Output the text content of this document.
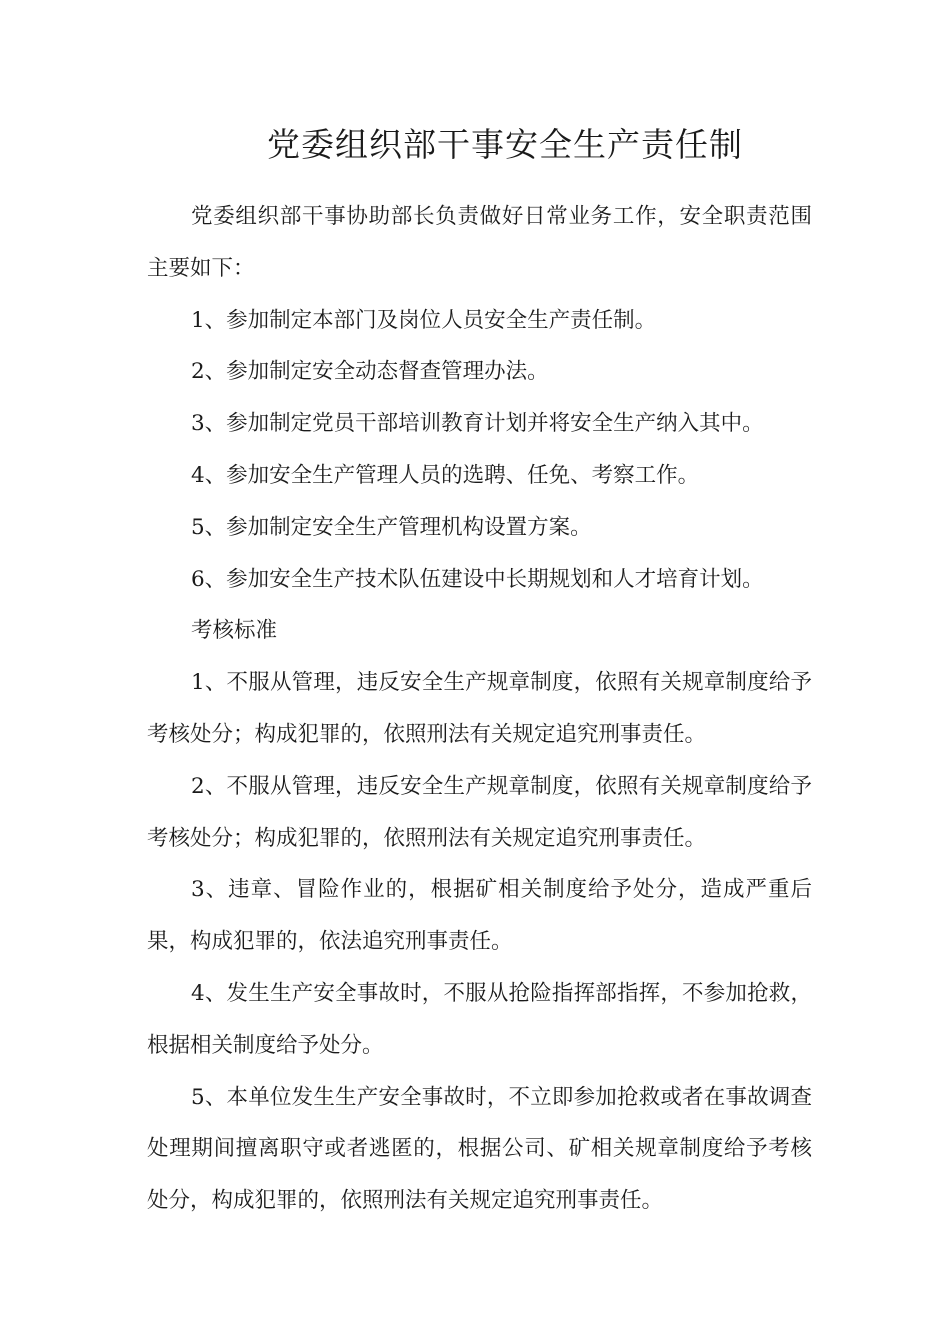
党委组织部干事安全生产责任制

党委组织部干事协助部长负责做好日常业务工作，安全职责范围主要如下：

1、参加制定本部门及岗位人员安全生产责任制。

2、参加制定安全动态督查管理办法。

3、参加制定党员干部培训教育计划并将安全生产纳入其中。

4、参加安全生产管理人员的选聘、任免、考察工作。

5、参加制定安全生产管理机构设置方案。

6、参加安全生产技术队伍建设中长期规划和人才培育计划。

考核标准

1、不服从管理，违反安全生产规章制度，依照有关规章制度给予考核处分；构成犯罪的，依照刑法有关规定追究刑事责任。

2、不服从管理，违反安全生产规章制度，依照有关规章制度给予考核处分；构成犯罪的，依照刑法有关规定追究刑事责任。

3、违章、冒险作业的，根据矿相关制度给予处分，造成严重后果，构成犯罪的，依法追究刑事责任。

4、发生生产安全事故时，不服从抢险指挥部指挥，不参加抢救，根据相关制度给予处分。

5、本单位发生生产安全事故时，不立即参加抢救或者在事故调查处理期间擅离职守或者逃匿的，根据公司、矿相关规章制度给予考核处分，构成犯罪的，依照刑法有关规定追究刑事责任。
